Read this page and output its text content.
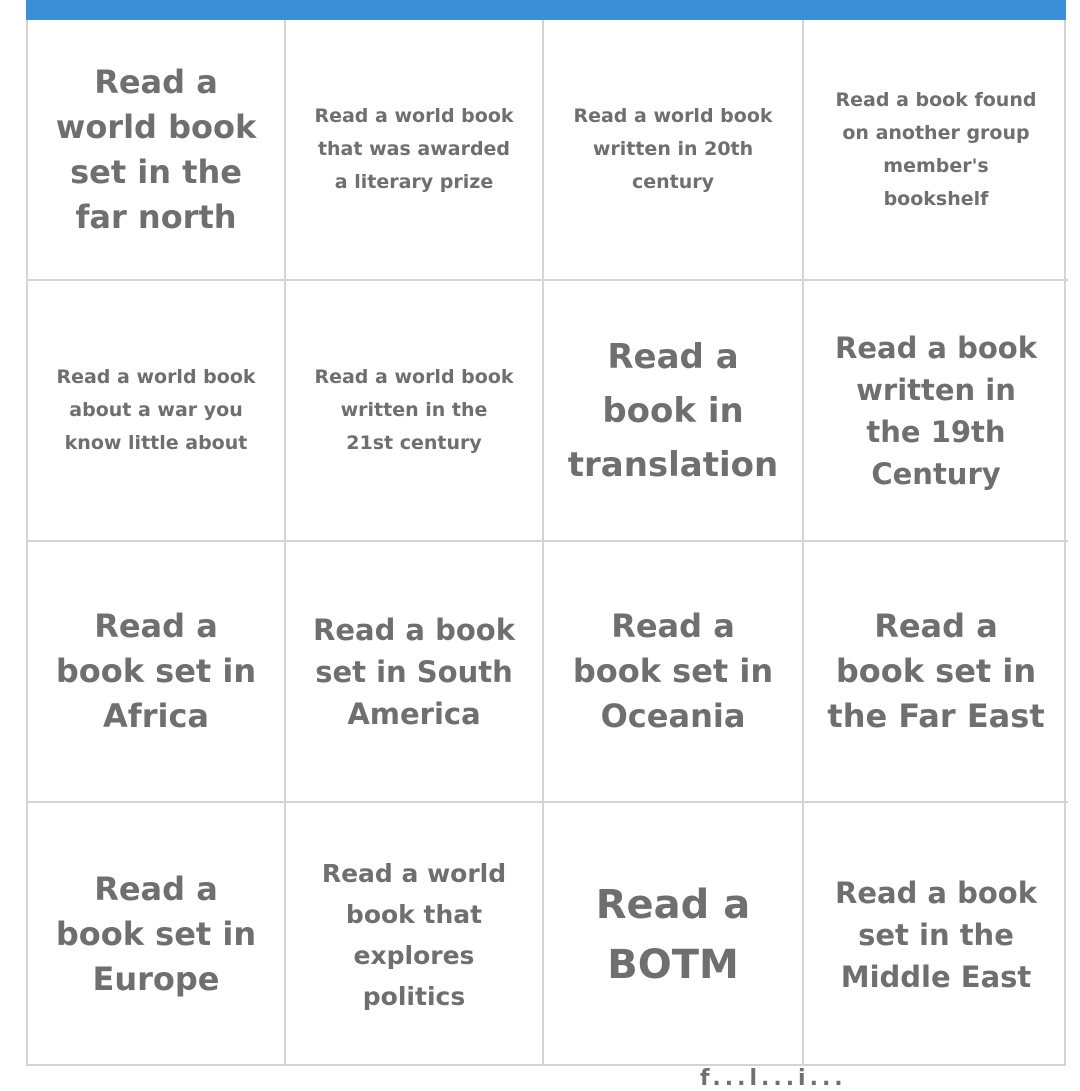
Read a world book set in the far north
Read a world book that was awarded a literary prize
Read a world book written in 20th century
Read a book found on another group member's bookshelf
Read a world book about a war you know little about
Read a world book written in the 21st century
Read a book in translation
Read a book written in the 19th Century
Read a book set in Africa
Read a book set in South America
Read a book set in Oceania
Read a book set in the Far East
Read a book set in Europe
Read a world book that explores politics
Read a BOTM
Read a book set in the Middle East
f...l...i...
